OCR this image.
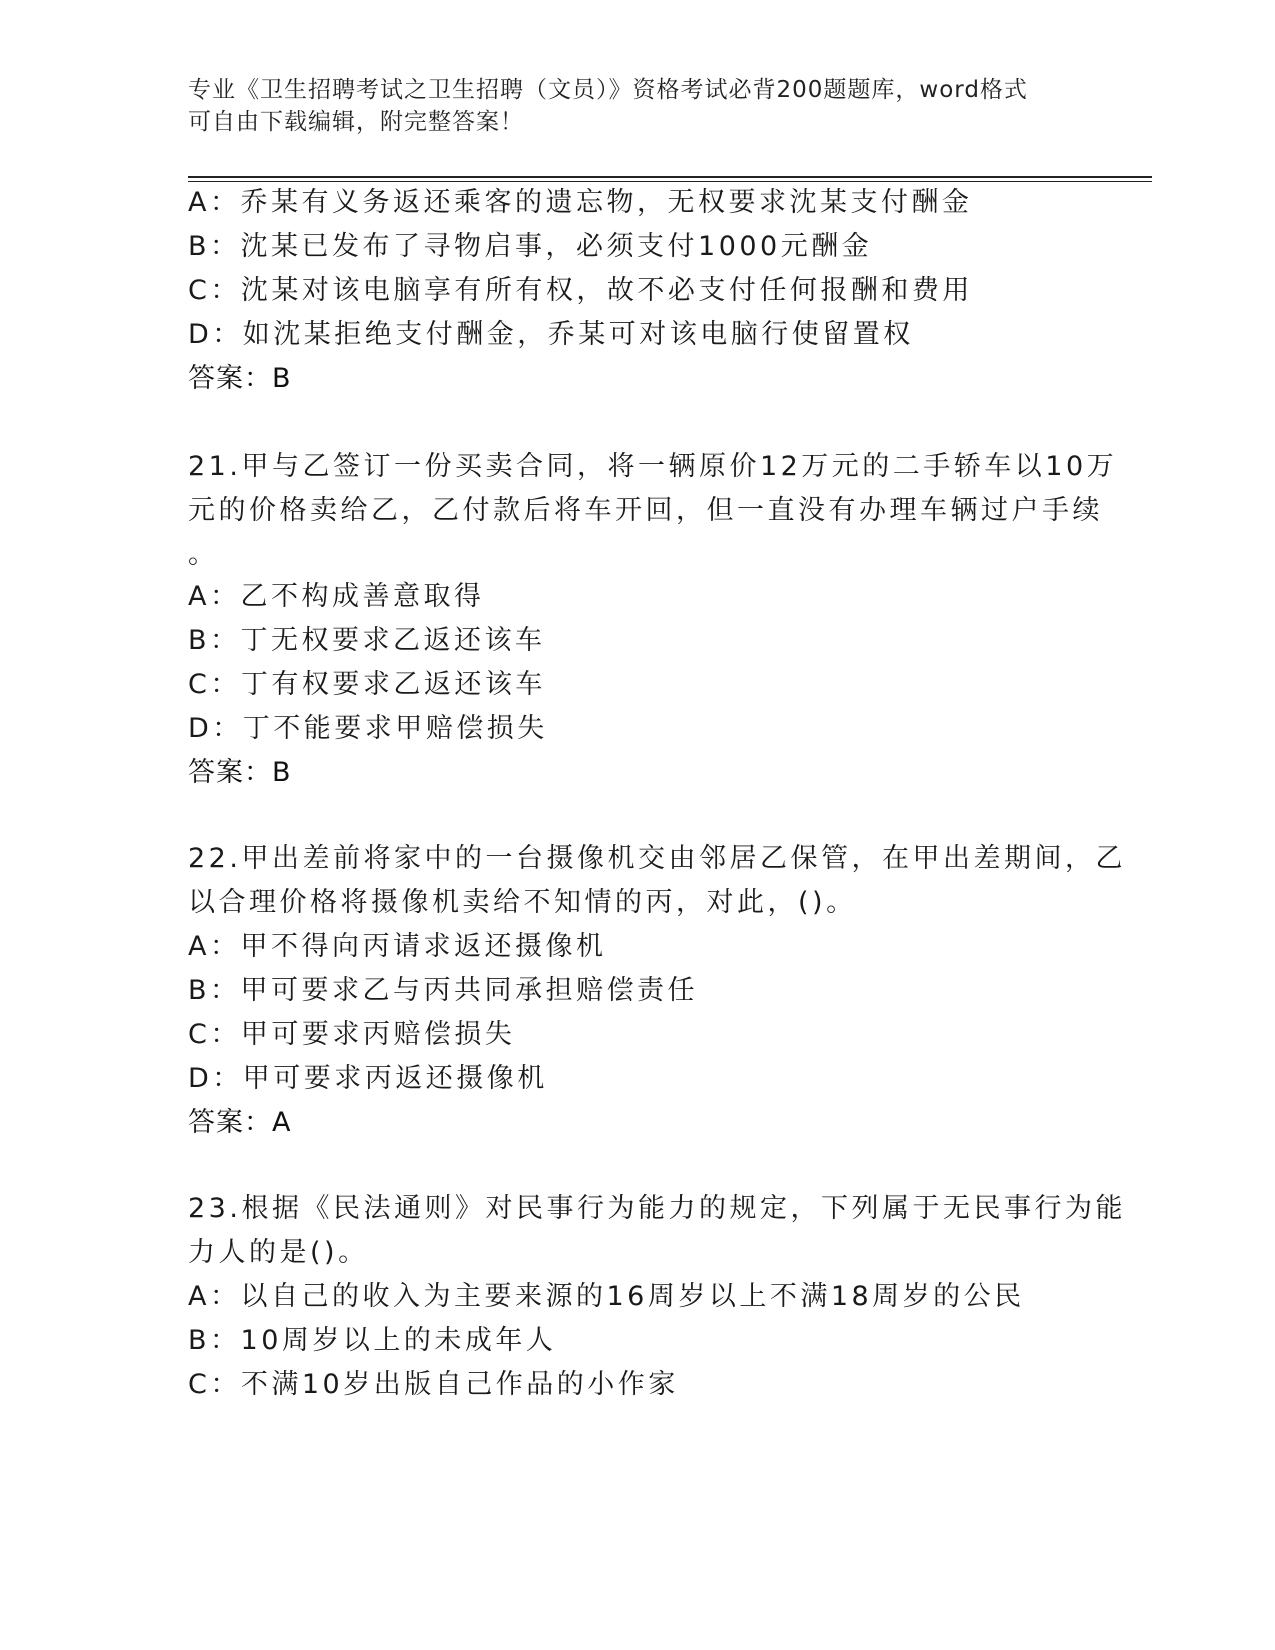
专业《卫生招聘考试之卫生招聘（文员）》资格考试必背200题题库，word格式
可自由下载编辑，附完整答案！
A：乔某有义务返还乘客的遗忘物，无权要求沈某支付酬金
B：沈某已发布了寻物启事，必须支付1000元酬金
C：沈某对该电脑享有所有权，故不必支付任何报酬和费用
D：如沈某拒绝支付酬金，乔某可对该电脑行使留置权
答案：B
21.甲与乙签订一份买卖合同，将一辆原价12万元的二手轿车以10万
元的价格卖给乙，乙付款后将车开回，但一直没有办理车辆过户手续
。
A：乙不构成善意取得
B：丁无权要求乙返还该车
C：丁有权要求乙返还该车
D：丁不能要求甲赔偿损失
答案：B
22.甲出差前将家中的一台摄像机交由邻居乙保管，在甲出差期间，乙
以合理价格将摄像机卖给不知情的丙，对此，()。
A：甲不得向丙请求返还摄像机
B：甲可要求乙与丙共同承担赔偿责任
C：甲可要求丙赔偿损失
D：甲可要求丙返还摄像机
答案：A
23.根据《民法通则》对民事行为能力的规定，下列属于无民事行为能
力人的是()。
A：以自己的收入为主要来源的16周岁以上不满18周岁的公民
B：10周岁以上的未成年人
C：不满10岁出版自己作品的小作家
